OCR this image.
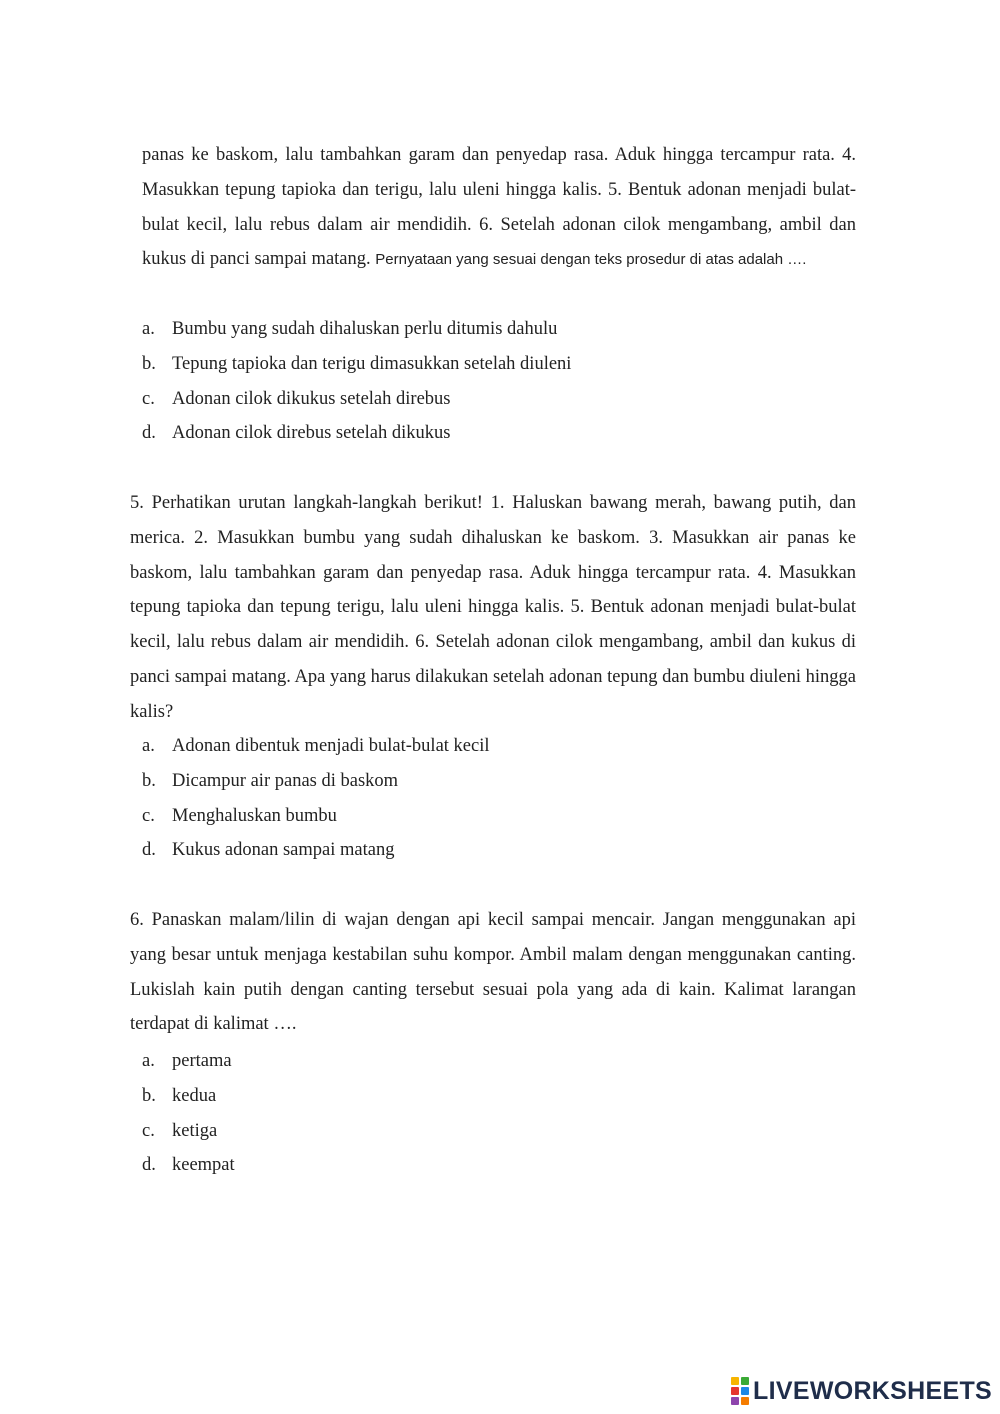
panas ke baskom, lalu tambahkan garam dan penyedap rasa. Aduk hingga tercampur rata. 4. Masukkan tepung tapioka dan terigu, lalu uleni hingga kalis. 5. Bentuk adonan menjadi bulat-bulat kecil, lalu rebus dalam air mendidih. 6. Setelah adonan cilok mengambang, ambil dan kukus di panci sampai matang. Pernyataan yang sesuai dengan teks prosedur di atas adalah ….
a. Bumbu yang sudah dihaluskan perlu ditumis dahulu
b. Tepung tapioka dan terigu dimasukkan setelah diuleni
c. Adonan cilok dikukus setelah direbus
d. Adonan cilok direbus setelah dikukus
5. Perhatikan urutan langkah-langkah berikut! 1. Haluskan bawang merah, bawang putih, dan merica. 2. Masukkan bumbu yang sudah dihaluskan ke baskom. 3. Masukkan air panas ke baskom, lalu tambahkan garam dan penyedap rasa. Aduk hingga tercampur rata. 4. Masukkan tepung tapioka dan tepung terigu, lalu uleni hingga kalis. 5. Bentuk adonan menjadi bulat-bulat kecil, lalu rebus dalam air mendidih. 6. Setelah adonan cilok mengambang, ambil dan kukus di panci sampai matang. Apa yang harus dilakukan setelah adonan tepung dan bumbu diuleni hingga kalis?
a. Adonan dibentuk menjadi bulat-bulat kecil
b. Dicampur air panas di baskom
c. Menghaluskan bumbu
d. Kukus adonan sampai matang
6. Panaskan malam/lilin di wajan dengan api kecil sampai mencair. Jangan menggunakan api yang besar untuk menjaga kestabilan suhu kompor. Ambil malam dengan menggunakan canting. Lukislah kain putih dengan canting tersebut sesuai pola yang ada di kain. Kalimat larangan terdapat di kalimat ….
a. pertama
b. kedua
c. ketiga
d. keempat
LIVEWORKSHEETS
